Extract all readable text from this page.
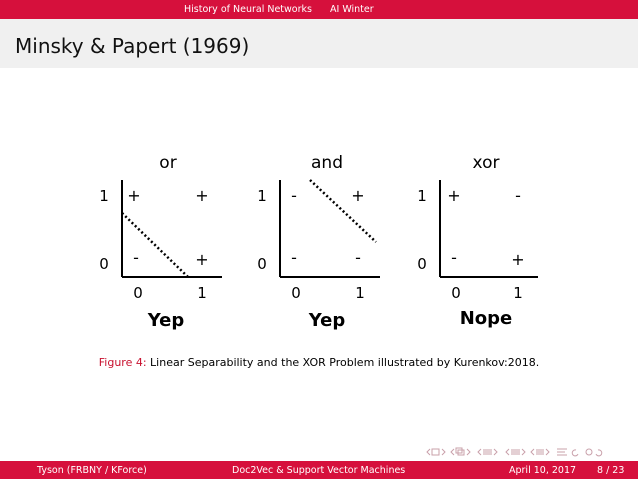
History of Neural Networks AI Winter
Minsky & Papert (1969)
or
1
0
+	+
-	+
0	1
Yep
and
1
0
-	+
-	-
0	1
Yep
xor
1
0
+	-
-	+
0	1
Nope
Figure 4: Linear Separability and the XOR Problem illustrated by Kurenkov:2018.
Tyson (FRBNY / KForce)	Doc2Vec & Support Vector Machines	April 10, 2017 8 / 23
